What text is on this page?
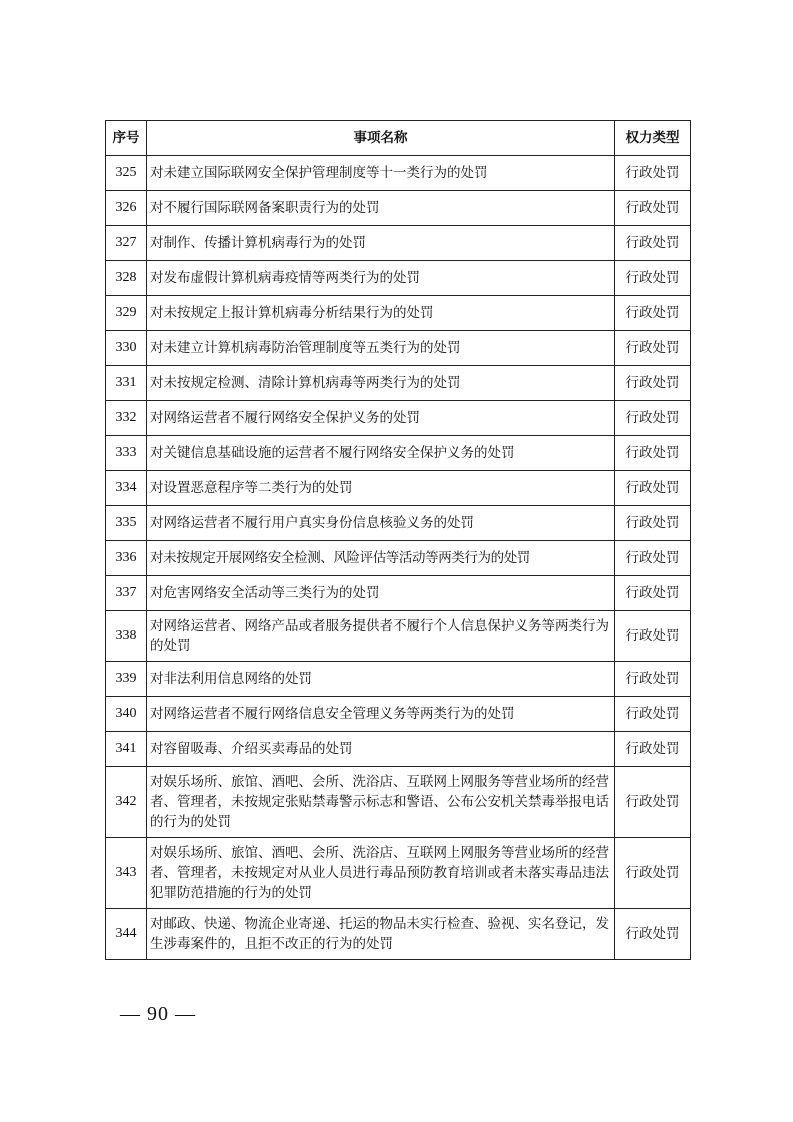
序号	事项名称	权力类型
325	对未建立国际联网安全保护管理制度等十一类行为的处罚	行政处罚
326	对不履行国际联网备案职责行为的处罚	行政处罚
327	对制作、传播计算机病毒行为的处罚	行政处罚
328	对发布虚假计算机病毒疫情等两类行为的处罚	行政处罚
329	对未按规定上报计算机病毒分析结果行为的处罚	行政处罚
330	对未建立计算机病毒防治管理制度等五类行为的处罚	行政处罚
331	对未按规定检测、清除计算机病毒等两类行为的处罚	行政处罚
332	对网络运营者不履行网络安全保护义务的处罚	行政处罚
333	对关键信息基础设施的运营者不履行网络安全保护义务的处罚	行政处罚
334	对设置恶意程序等二类行为的处罚	行政处罚
335	对网络运营者不履行用户真实身份信息核验义务的处罚	行政处罚
336	对未按规定开展网络安全检测、风险评估等活动等两类行为的处罚	行政处罚
337	对危害网络安全活动等三类行为的处罚	行政处罚
338	对网络运营者、网络产品或者服务提供者不履行个人信息保护义务等两类行为的处罚	行政处罚
339	对非法利用信息网络的处罚	行政处罚
340	对网络运营者不履行网络信息安全管理义务等两类行为的处罚	行政处罚
341	对容留吸毒、介绍买卖毒品的处罚	行政处罚
342	对娱乐场所、旅馆、酒吧、会所、洗浴店、互联网上网服务等营业场所的经营者、管理者，未按规定张贴禁毒警示标志和警语、公布公安机关禁毒举报电话的行为的处罚	行政处罚
343	对娱乐场所、旅馆、酒吧、会所、洗浴店、互联网上网服务等营业场所的经营者、管理者，未按规定对从业人员进行毒品预防教育培训或者未落实毒品违法犯罪防范措施的行为的处罚	行政处罚
344	对邮政、快递、物流企业寄递、托运的物品未实行检查、验视、实名登记，发生涉毒案件的，且拒不改正的行为的处罚	行政处罚
— 90 —
